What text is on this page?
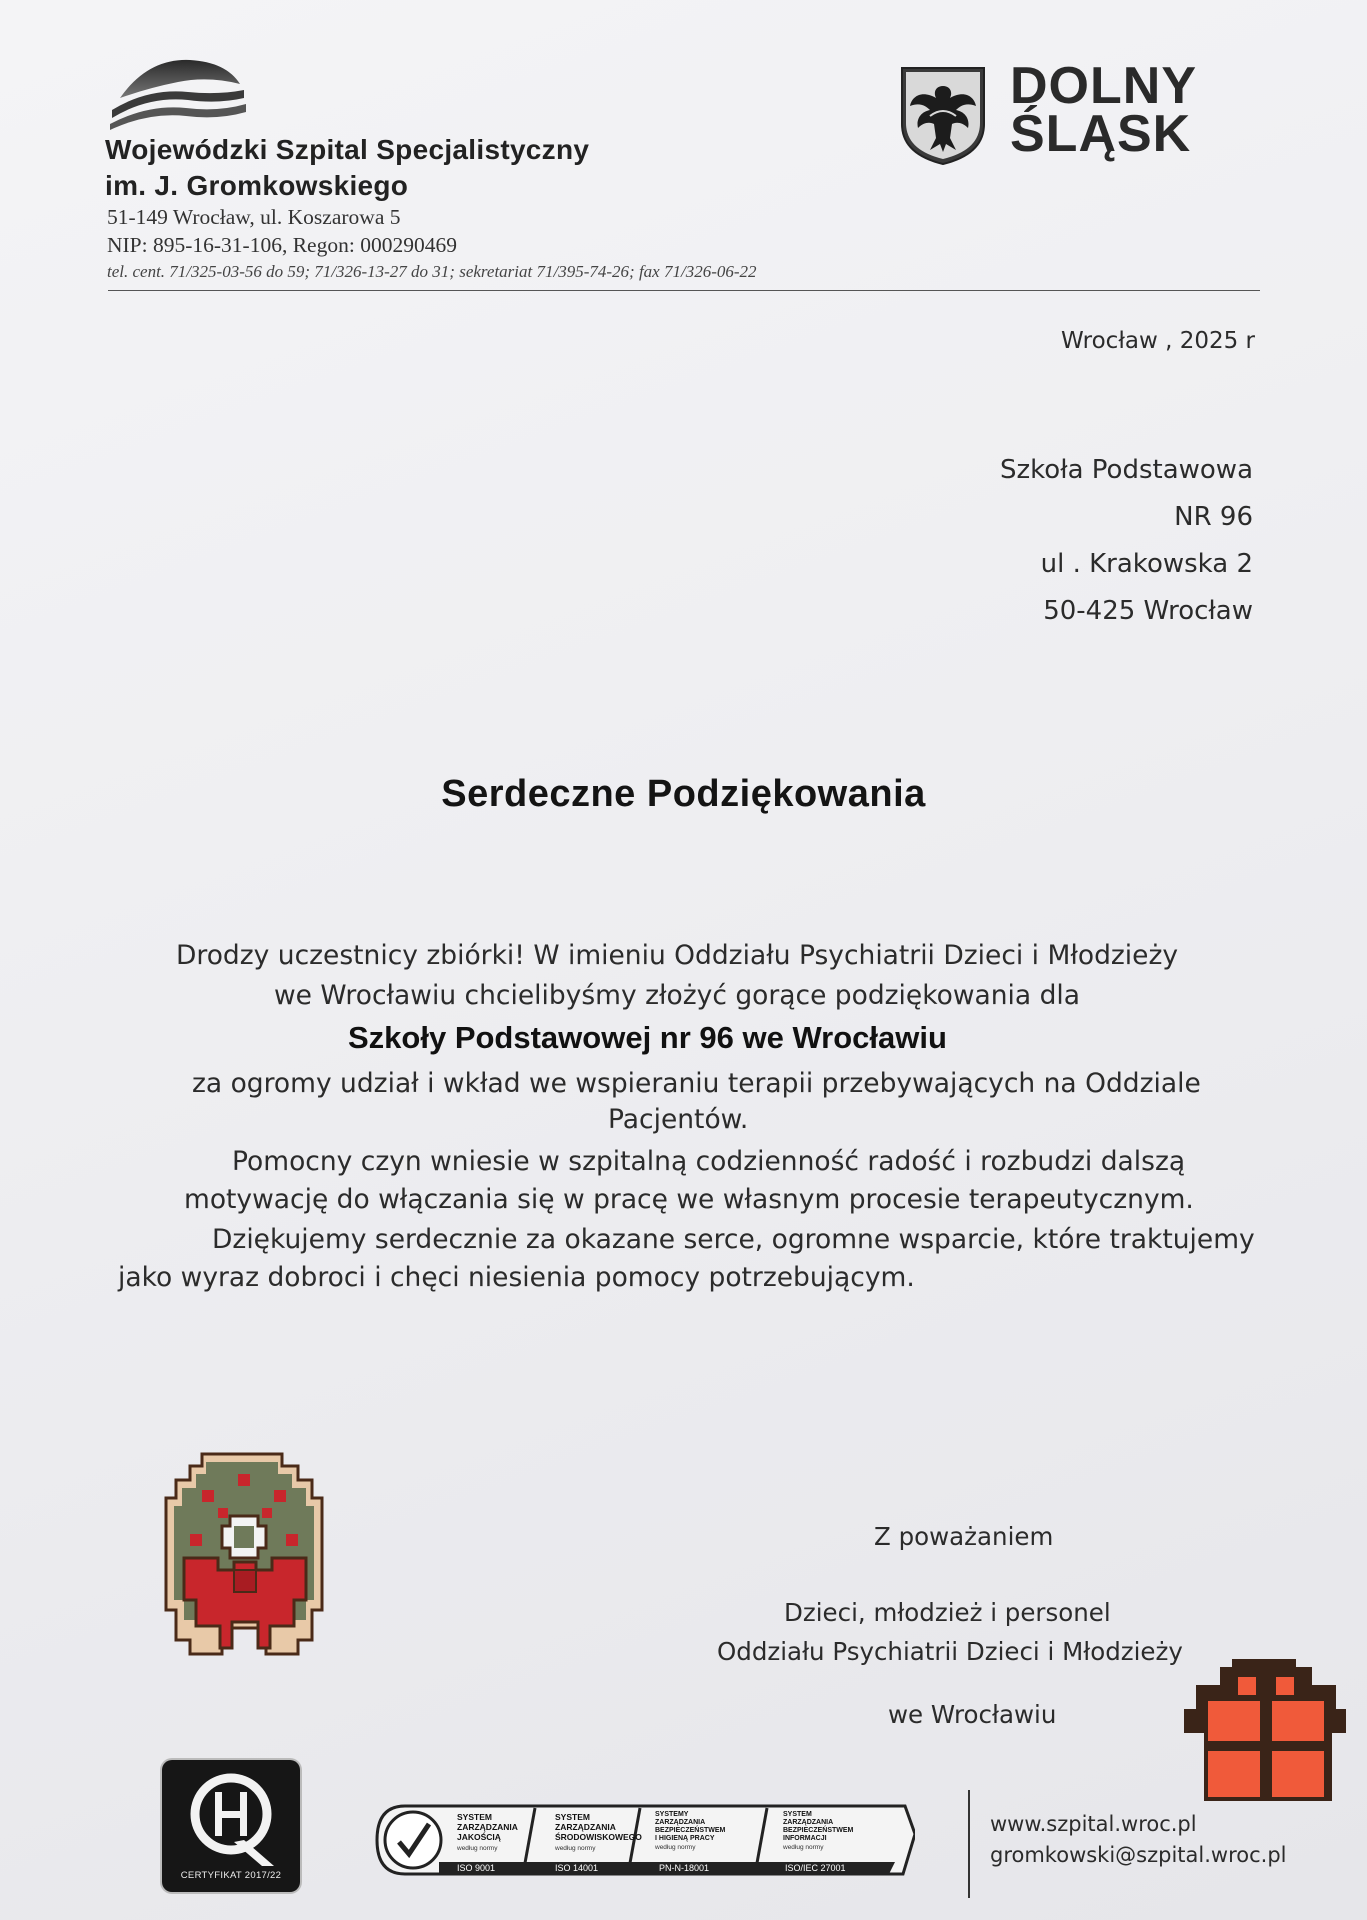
Wojewódzki Szpital Specjalistyczny
im. J. Gromkowskiego
51-149 Wrocław, ul. Koszarowa 5
NIP: 895-16-31-106, Regon: 000290469
tel. cent. 71/325-03-56 do 59; 71/326-13-27 do 31; sekretariat 71/395-74-26; fax 71/326-06-22
DOLNY
ŚLĄSK
Wrocław , 2025 r
Szkoła Podstawowa
NR 96
ul . Krakowska 2
50-425 Wrocław
Serdeczne Podziękowania
Drodzy uczestnicy zbiórki! W imieniu Oddziału Psychiatrii Dzieci i Młodzieży
we Wrocławiu chcielibyśmy złożyć gorące podziękowania dla
Szkoły Podstawowej nr 96 we Wrocławiu
za ogromy udział i wkład we wspieraniu terapii przebywających na Oddziale
Pacjentów.
Pomocny czyn wniesie w szpitalną codzienność radość i rozbudzi dalszą
motywację do włączania się w pracę we własnym procesie terapeutycznym.
Dziękujemy serdecznie za okazane serce, ogromne wsparcie, które traktujemy
jako wyraz dobroci i chęci niesienia pomocy potrzebującym.
Z poważaniem
Dzieci, młodzież i personel
Oddziału Psychiatrii Dzieci i Młodzieży
we Wrocławiu
CERTYFIKAT 2017/22
SYSTEM
ZARZĄDZANIA
JAKOŚCIĄ
według normy
ISO 9001
SYSTEM
ZARZĄDZANIA
ŚRODOWISKOWEGO
według normy
ISO 14001
SYSTEMY
ZARZĄDZANIA
BEZPIECZEŃSTWEM
I HIGIENĄ PRACY
według normy
PN-N-18001
SYSTEM
ZARZĄDZANIA
BEZPIECZEŃSTWEM
INFORMACJI
według normy
ISO/IEC 27001
www.szpital.wroc.pl
gromkowski@szpital.wroc.pl
